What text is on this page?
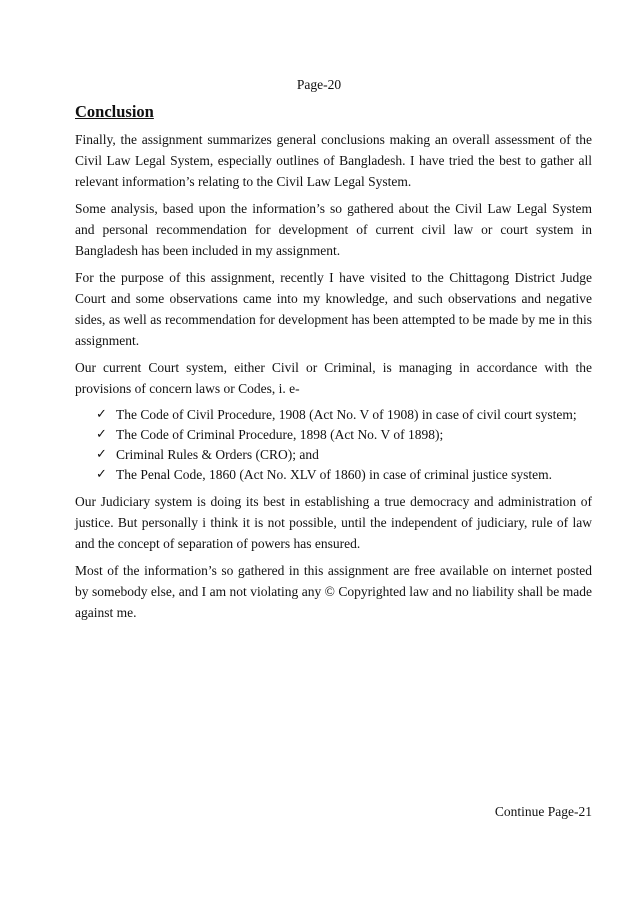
Page-20
Conclusion

Finally, the assignment summarizes general conclusions making an overall assessment of the Civil Law Legal System, especially outlines of Bangladesh. I have tried the best to gather all relevant information’s relating to the Civil Law Legal System.

Some analysis, based upon the information’s so gathered about the Civil Law Legal System and personal recommendation for development of current civil law or court system in Bangladesh has been included in my assignment.

For the purpose of this assignment, recently I have visited to the Chittagong District Judge Court and some observations came into my knowledge, and such observations and negative sides, as well as recommendation for development has been attempted to be made by me in this assignment.

Our current Court system, either Civil or Criminal, is managing in accordance with the provisions of concern laws or Codes, i. e-

✓ The Code of Civil Procedure, 1908 (Act No. V of 1908) in case of civil court system;
✓ The Code of Criminal Procedure, 1898 (Act No. V of 1898);
✓ Criminal Rules & Orders (CRO); and
✓ The Penal Code, 1860 (Act No. XLV of 1860) in case of criminal justice system.

Our Judiciary system is doing its best in establishing a true democracy and administration of justice. But personally i think it is not possible, until the independent of judiciary, rule of law and the concept of separation of powers has ensured.

Most of the information’s so gathered in this assignment are free available on internet posted by somebody else, and I am not violating any © Copyrighted law and no liability shall be made against me.

Continue Page-21
